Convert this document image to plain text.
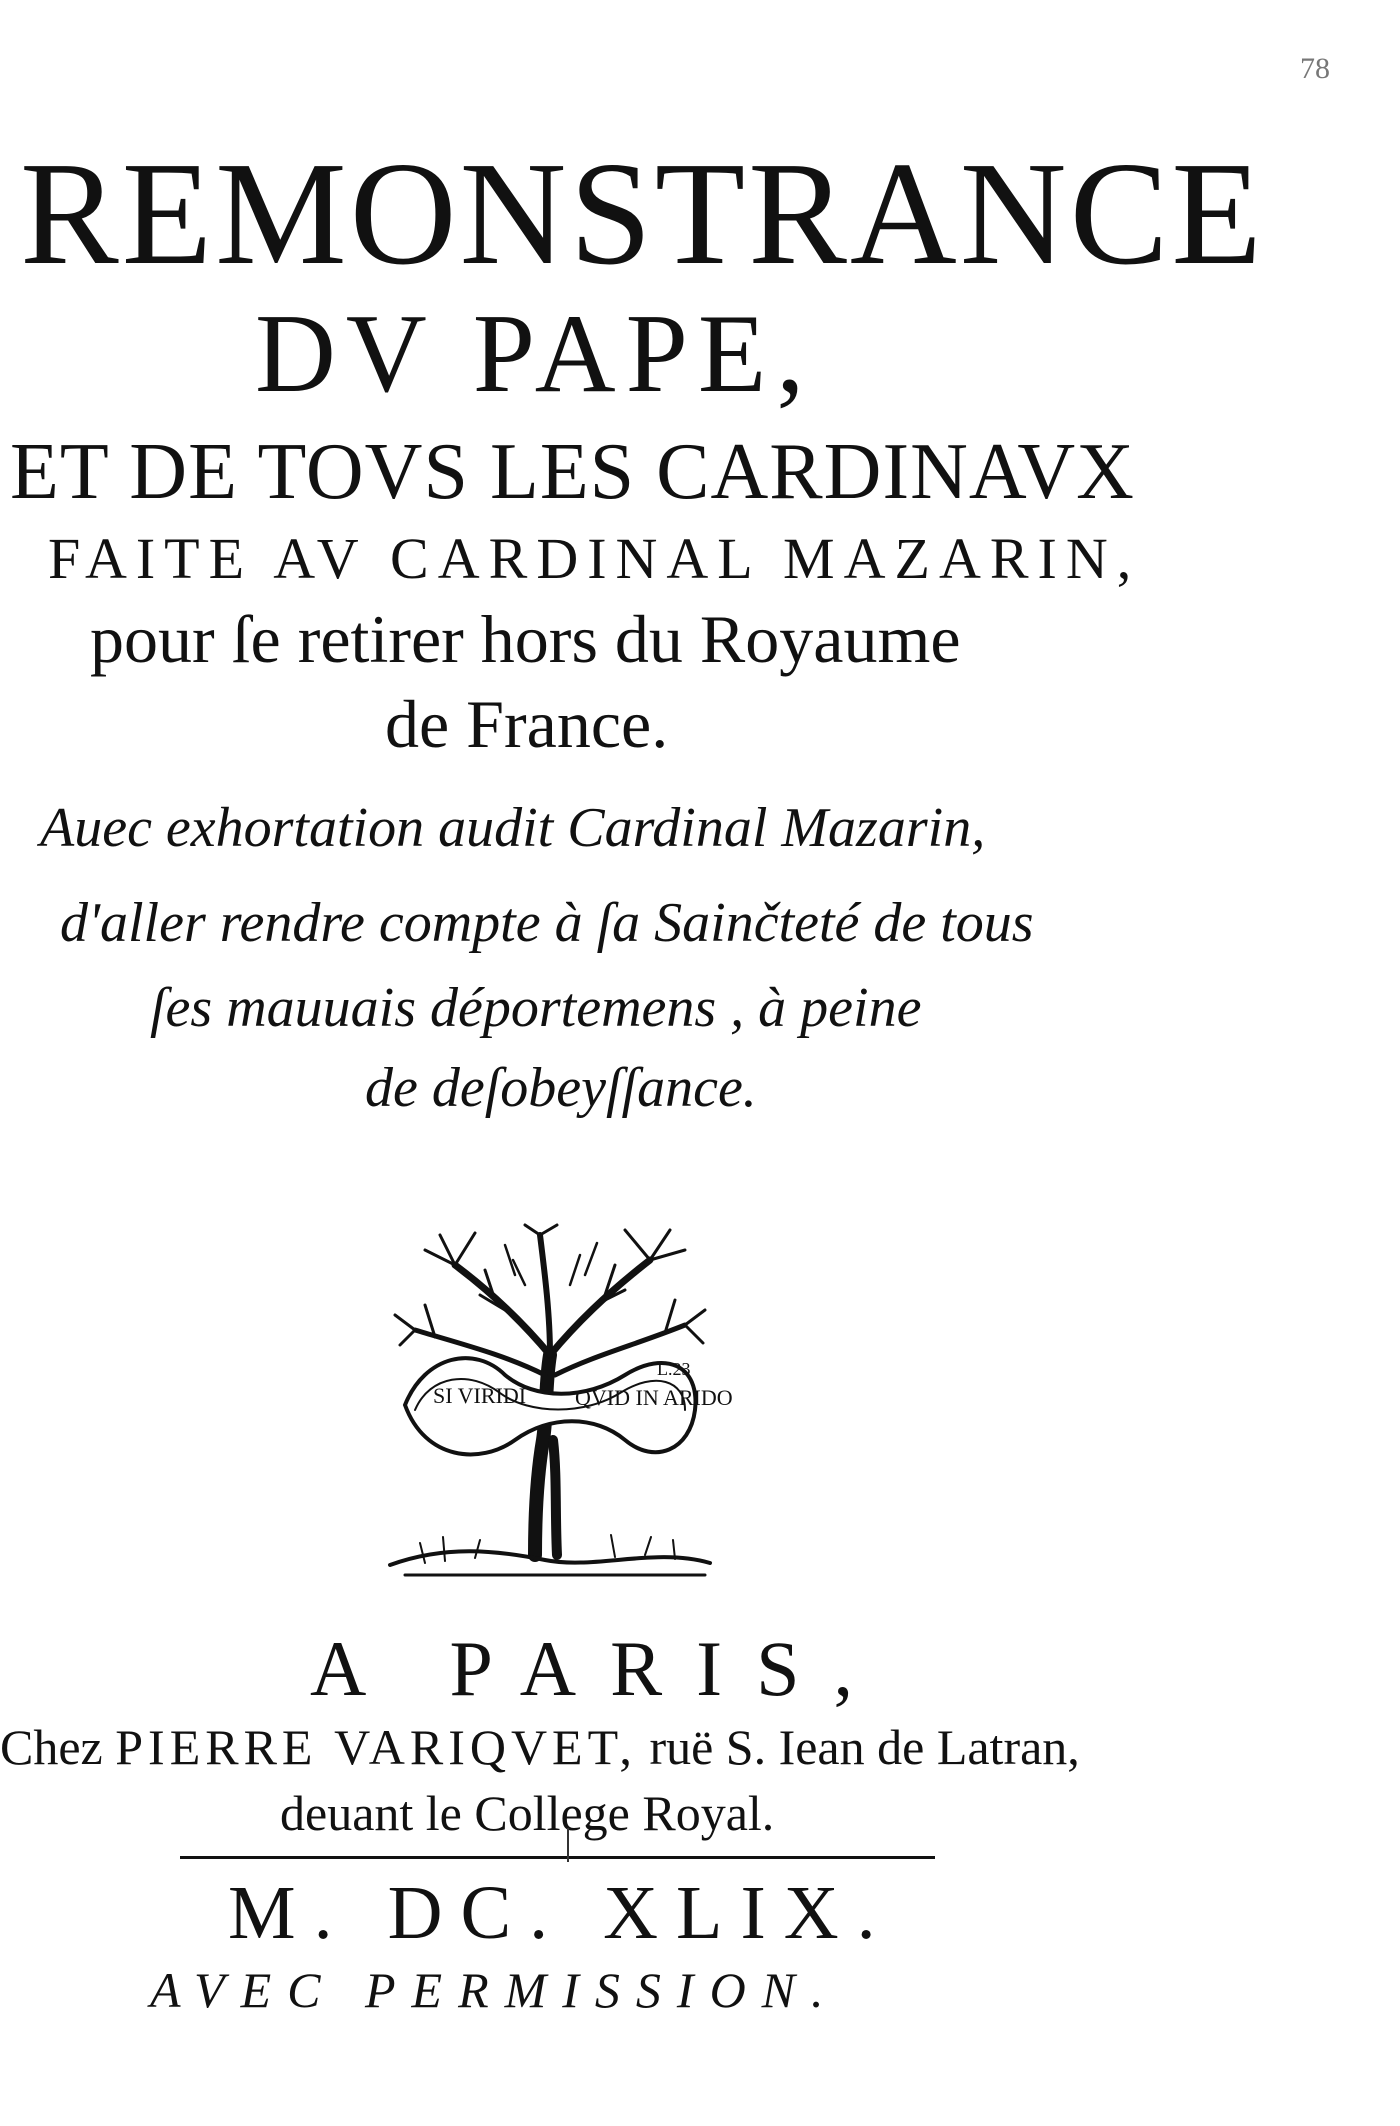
78
REMONSTRANCE
DV PAPE,
ET DE TOVS LES CARDINAVX
FAITE AV CARDINAL MAZARIN,
pour ſe retirer hors du Royaume
de France.
Auec exhortation audit Cardinal Mazarin,
d'aller rendre compte à ſa Sainčteté de tous
ſes mauuais déportemens , à peine
de deſobeyſſance.
SI VIRIDI QVID IN ARIDO
L.23
A PARIS,
Chez PIERRE VARIQVET, ruë S. Iean de Latran,
deuant le College Royal.
M. DC. XLIX.
AVEC PERMISSION.
